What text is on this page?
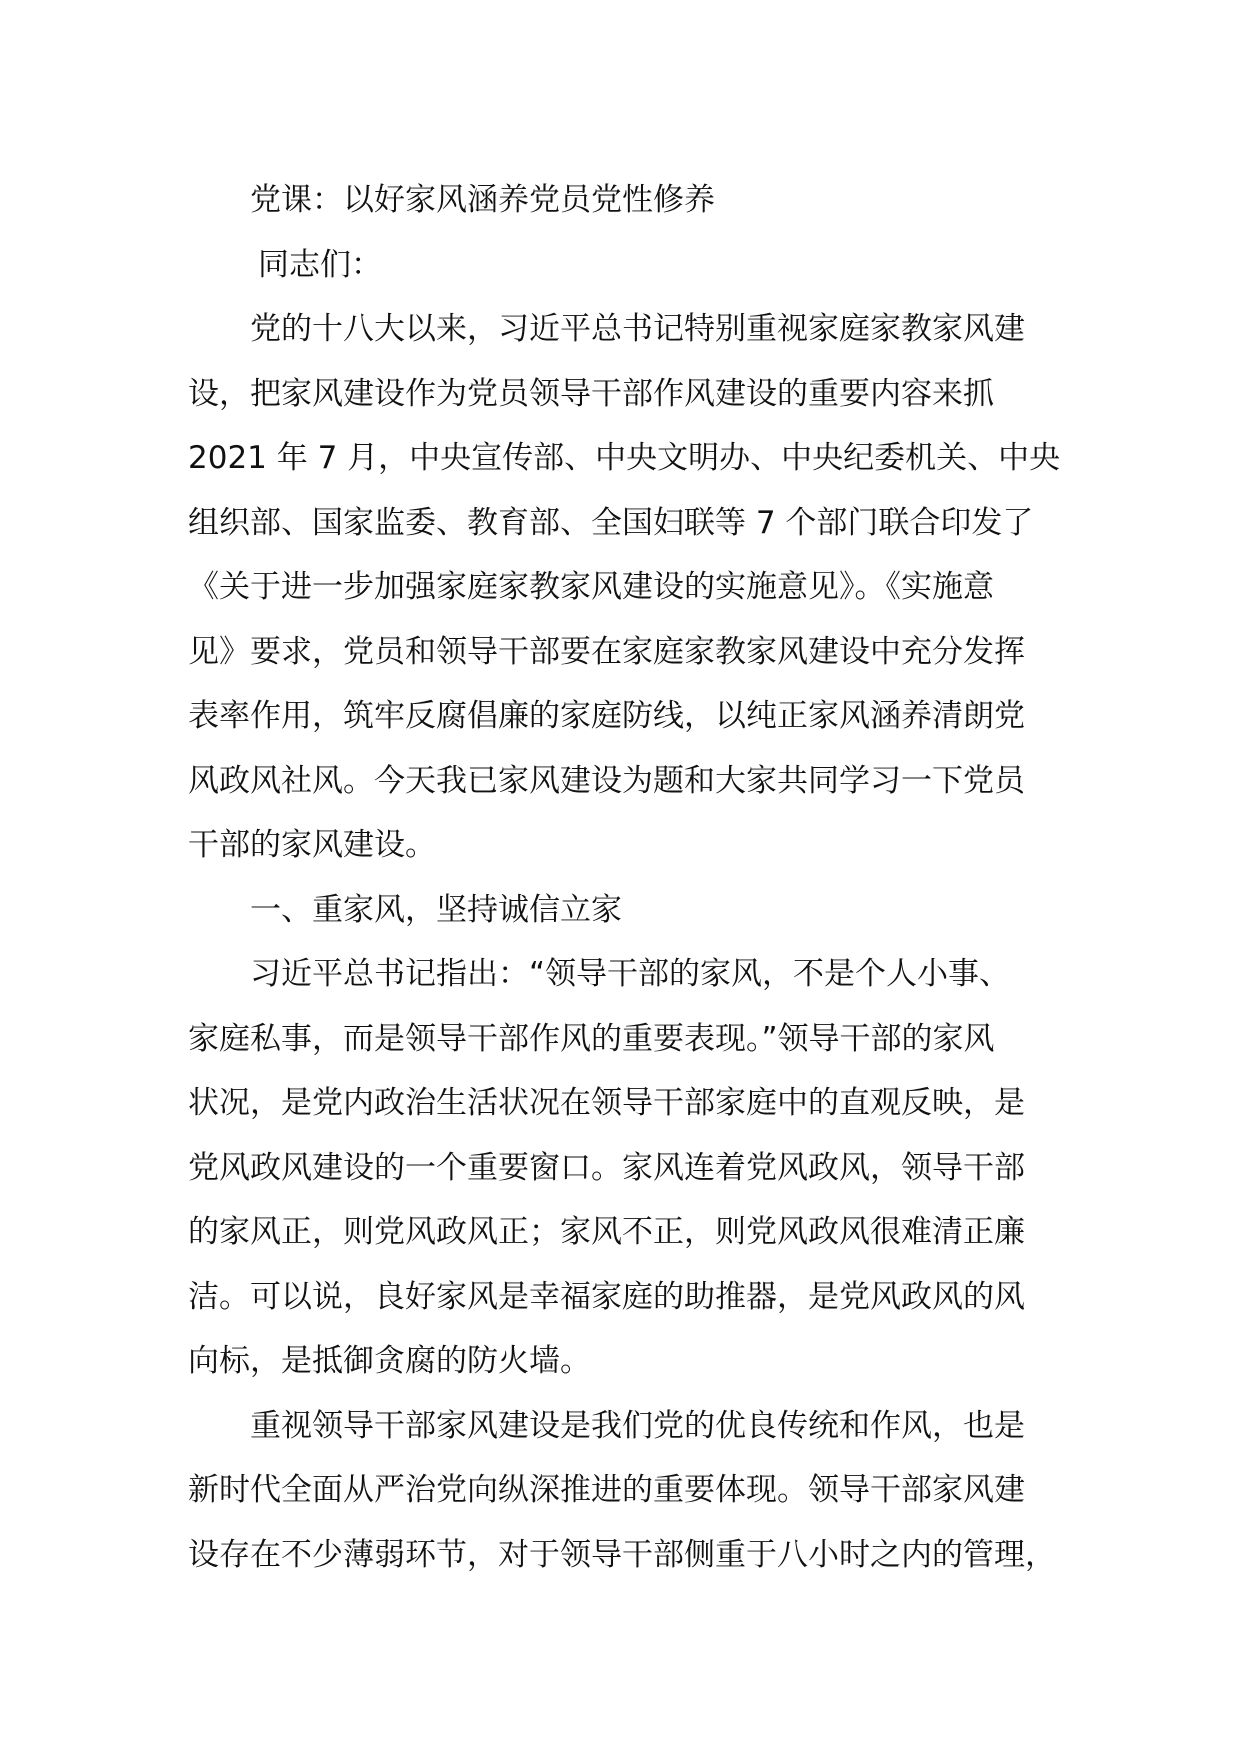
党课：以好家风涵养党员党性修养
同志们：
党的十八大以来，习近平总书记特别重视家庭家教家风建
设，把家风建设作为党员领导干部作风建设的重要内容来抓
2021 年 7 月，中央宣传部、中央文明办、中央纪委机关、中央
组织部、国家监委、教育部、全国妇联等 7 个部门联合印发了
《关于进一步加强家庭家教家风建设的实施意见》。《实施意
见》要求，党员和领导干部要在家庭家教家风建设中充分发挥
表率作用，筑牢反腐倡廉的家庭防线，以纯正家风涵养清朗党
风政风社风。今天我已家风建设为题和大家共同学习一下党员
干部的家风建设。
一、重家风，坚持诚信立家
习近平总书记指出：“领导干部的家风，不是个人小事、
家庭私事，而是领导干部作风的重要表现。”领导干部的家风
状况，是党内政治生活状况在领导干部家庭中的直观反映，是
党风政风建设的一个重要窗口。家风连着党风政风，领导干部
的家风正，则党风政风正；家风不正，则党风政风很难清正廉
洁。可以说，良好家风是幸福家庭的助推器，是党风政风的风
向标，是抵御贪腐的防火墙。
重视领导干部家风建设是我们党的优良传统和作风，也是
新时代全面从严治党向纵深推进的重要体现。领导干部家风建
设存在不少薄弱环节，对于领导干部侧重于八小时之内的管理，
